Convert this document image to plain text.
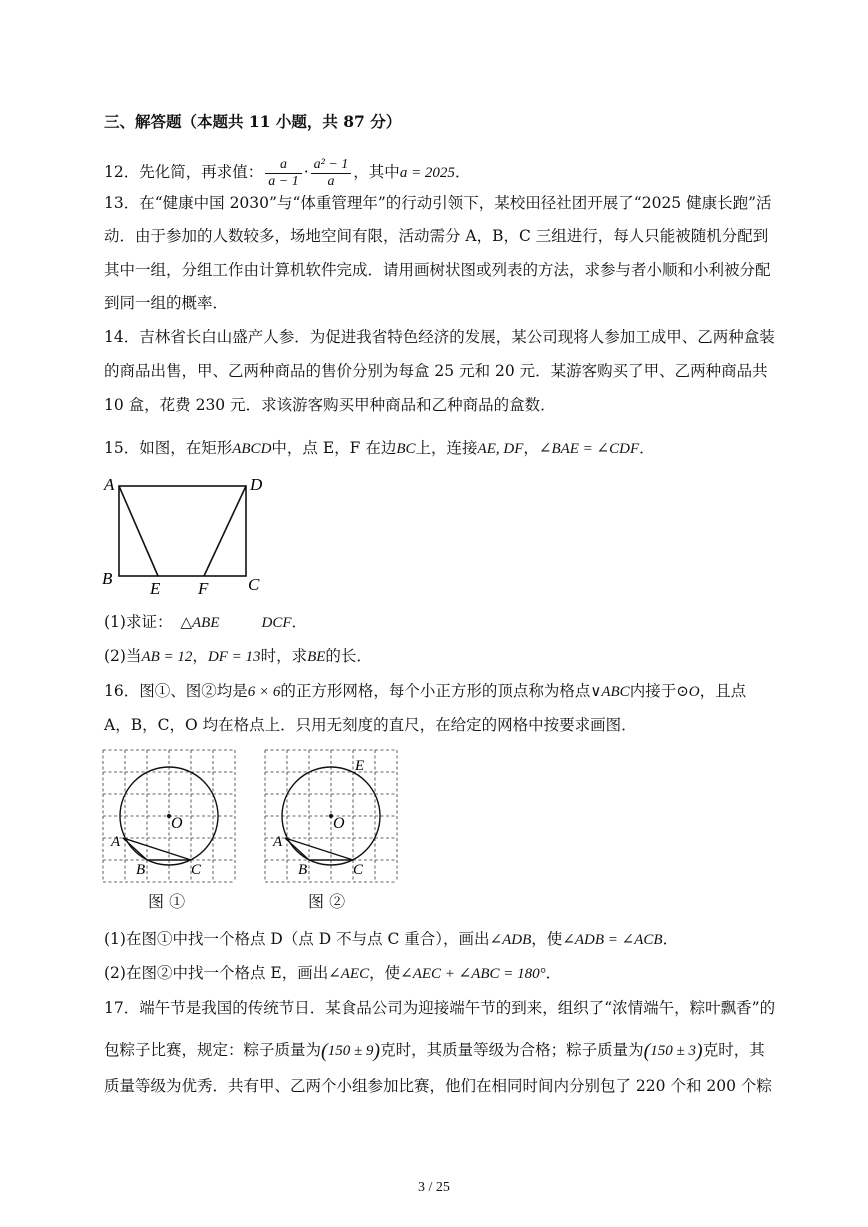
三、解答题（本题共 11 小题，共 87 分）
12．先化简，再求值： $\frac{a}{a - 1} \cdot \frac{\text{a² − 1}}{a}$ ，其中a = 2025．
13．在“健康中国 2030”与“体重管理年”的行动引领下，某校田径社团开展了“2025 健康长跑”活
动．由于参加的人数较多，场地空间有限，活动需分 A，B，C 三组进行，每人只能被随机分配到
其中一组，分组工作由计算机软件完成．请用画树状图或列表的方法，求参与者小顺和小利被分配
到同一组的概率．
14．吉林省长白山盛产人参．为促进我省特色经济的发展，某公司现将人参加工成甲、乙两种盒装
的商品出售，甲、乙两种商品的售价分别为每盒 25 元和 20 元．某游客购买了甲、乙两种商品共
10 盒，花费 230 元．求该游客购买甲种商品和乙种商品的盒数．
15．如图，在矩形ABCD中，点 E，F 在边BC上，连接AE, DF，∠BAE = ∠CDF．
A	D
B	C
E F
(1)求证： △ABE	DCF．
(2)当AB = 12，DF = 13时，求BE的长．
16．图①、图②均是6 × 6的正方形网格，每个小正方形的顶点称为格点∨ABC内接于⊙O，且点
A，B，C，O 均在格点上．只用无刻度的直尺，在给定的网格中按要求画图．
O
A
B	C
E
O
A
B	C
图 ①	图 ②
(1)在图①中找一个格点 D（点 D 不与点 C 重合），画出∠ADB，使∠ADB = ∠ACB．
(2)在图②中找一个格点 E，画出∠AEC，使∠AEC + ∠ABC = 180°．
17．端午节是我国的传统节日．某食品公司为迎接端午节的到来，组织了“浓情端午，粽叶飘香”的
包粽子比赛，规定：粽子质量为(150 ± 9)克时，其质量等级为合格；粽子质量为(150 ± 3)克时，其
质量等级为优秀．共有甲、乙两个小组参加比赛，他们在相同时间内分别包了 220 个和 200 个粽
3 / 25
